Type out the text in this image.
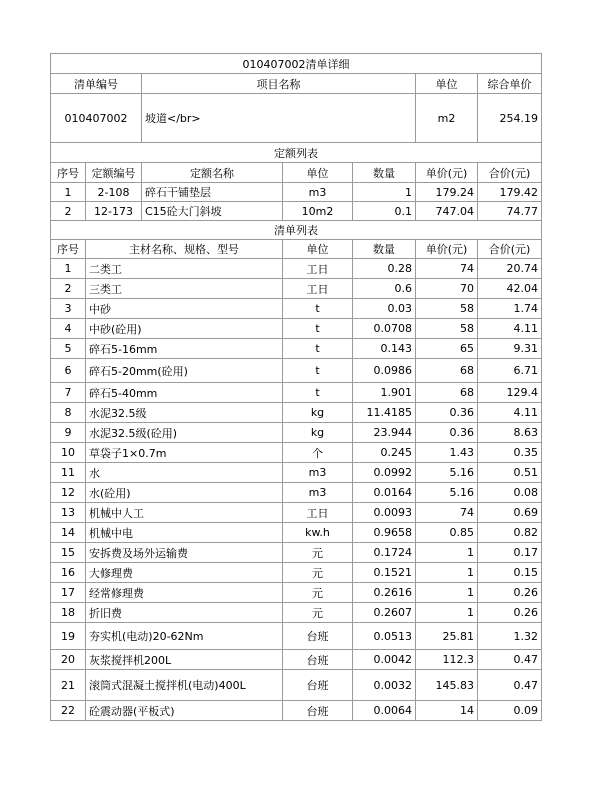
010407002清单详细						
清单编号		项目名称			单位	综合单价
010407002		坡道</br>			m2	254.19
定额列表						
序号	定额编号	定额名称	单位	数量	单价(元)	合价(元)
1	2-108	碎石干铺垫层	m3	1	179.24	179.42
2	12-173	C15砼大门斜坡	10m2	0.1	747.04	74.77
清单列表						
序号	主材名称、规格、型号		单位	数量	单价(元)	合价(元)
1	二类工		工日	0.28	74	20.74
2	三类工		工日	0.6	70	42.04
3	中砂		t	0.03	58	1.74
4	中砂(砼用)		t	0.0708	58	4.11
5	碎石5-16mm		t	0.143	65	9.31
6	碎石5-20mm(砼用)		t	0.0986	68	6.71
7	碎石5-40mm		t	1.901	68	129.4
8	水泥32.5级		kg	11.4185	0.36	4.11
9	水泥32.5级(砼用)		kg	23.944	0.36	8.63
10	草袋子1×0.7m		个	0.245	1.43	0.35
11	水		m3	0.0992	5.16	0.51
12	水(砼用)		m3	0.0164	5.16	0.08
13	机械中人工		工日	0.0093	74	0.69
14	机械中电		kw.h	0.9658	0.85	0.82
15	安拆费及场外运输费		元	0.1724	1	0.17
16	大修理费		元	0.1521	1	0.15
17	经常修理费		元	0.2616	1	0.26
18	折旧费		元	0.2607	1	0.26
19	夯实机(电动)20-62Nm		台班	0.0513	25.81	1.32
20	灰浆搅拌机200L		台班	0.0042	112.3	0.47
21	滚筒式混凝土搅拌机(电动)400L		台班	0.0032	145.83	0.47
22	砼震动器(平板式)		台班	0.0064	14	0.09
